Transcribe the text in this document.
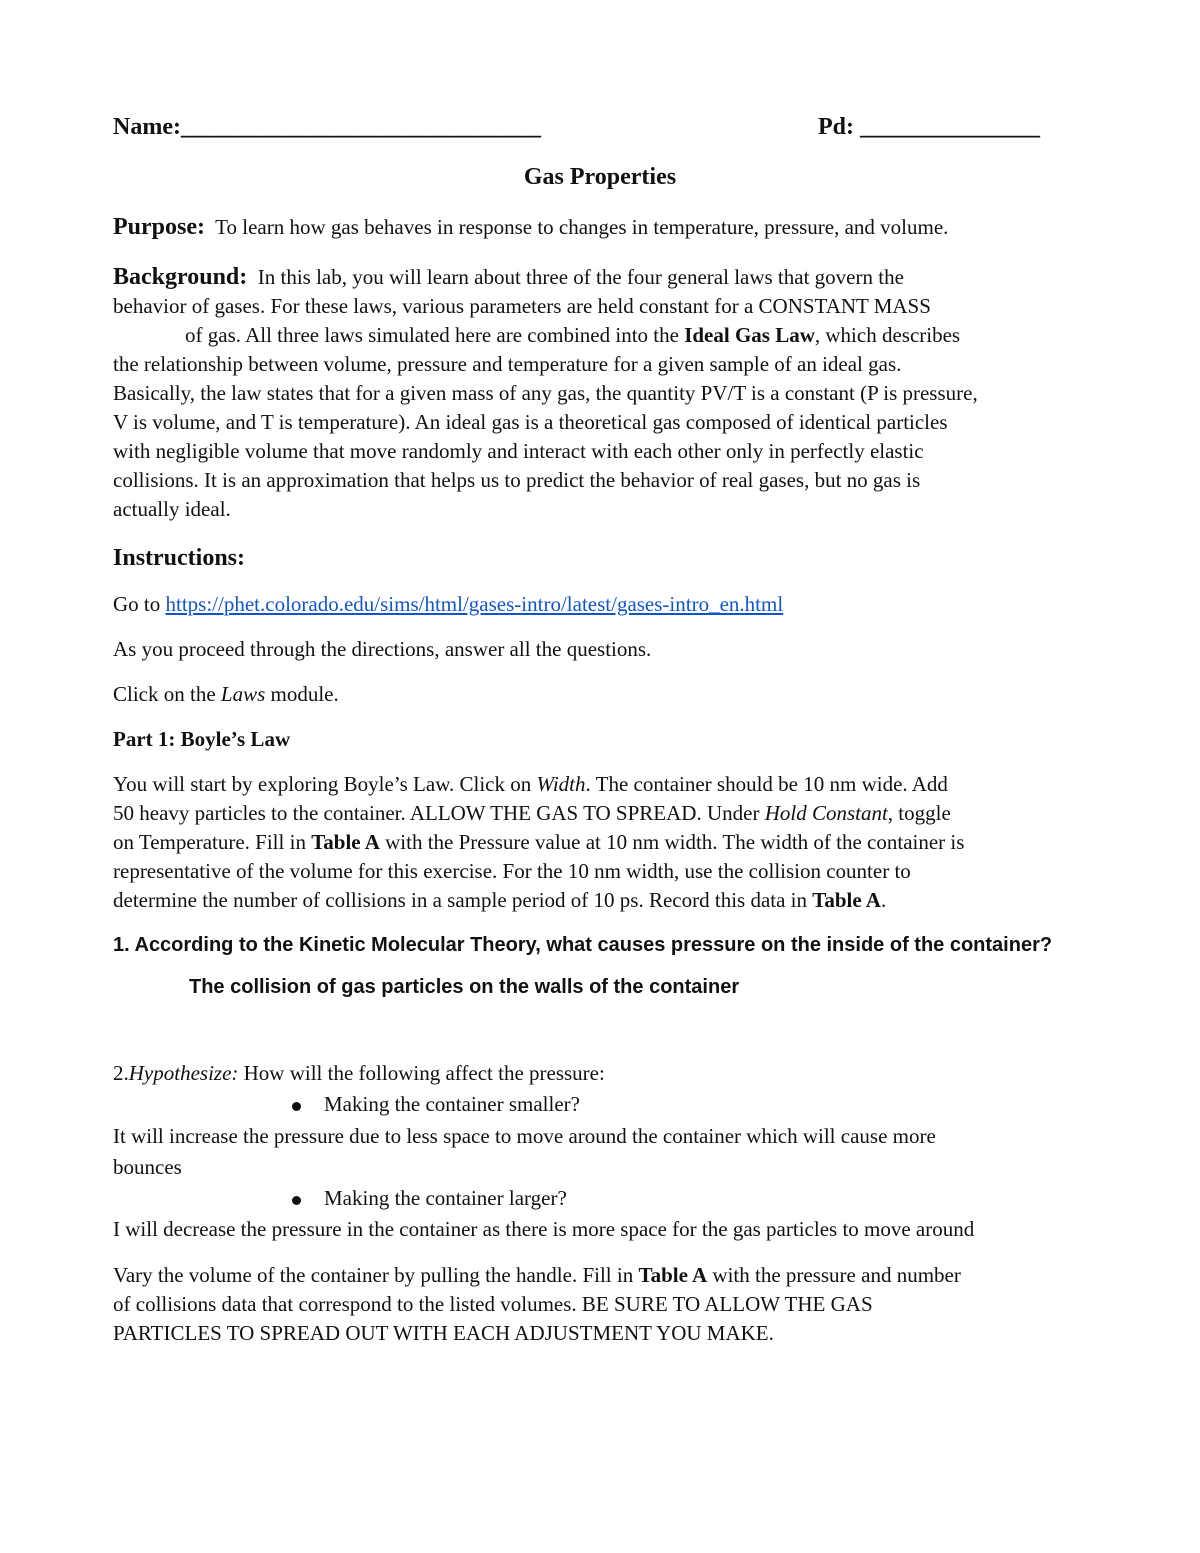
Name:______________________________	Pd: _______________

Gas Properties

Purpose: To learn how gas behaves in response to changes in temperature, pressure, and volume.

Background: In this lab, you will learn about three of the four general laws that govern the
behavior of gases. For these laws, various parameters are held constant for a CONSTANT MASS
of gas. All three laws simulated here are combined into the Ideal Gas Law, which describes
the relationship between volume, pressure and temperature for a given sample of an ideal gas.
Basically, the law states that for a given mass of any gas, the quantity PV/T is a constant (P is pressure,
V is volume, and T is temperature). An ideal gas is a theoretical gas composed of identical particles
with negligible volume that move randomly and interact with each other only in perfectly elastic
collisions. It is an approximation that helps us to predict the behavior of real gases, but no gas is
actually ideal.

Instructions:

Go to https://phet.colorado.edu/sims/html/gases-intro/latest/gases-intro_en.html

As you proceed through the directions, answer all the questions.

Click on the Laws module.

Part 1: Boyle’s Law

You will start by exploring Boyle’s Law. Click on Width. The container should be 10 nm wide. Add
50 heavy particles to the container. ALLOW THE GAS TO SPREAD. Under Hold Constant, toggle
on Temperature. Fill in Table A with the Pressure value at 10 nm width. The width of the container is
representative of the volume for this exercise. For the 10 nm width, use the collision counter to
determine the number of collisions in a sample period of 10 ps. Record this data in Table A.

1. According to the Kinetic Molecular Theory, what causes pressure on the inside of the container?

The collision of gas particles on the walls of the container

2.Hypothesize: How will the following affect the pressure:

Making the container smaller?

It will increase the pressure due to less space to move around the container which will cause more

bounces

Making the container larger?

I will decrease the pressure in the container as there is more space for the gas particles to move around

Vary the volume of the container by pulling the handle. Fill in Table A with the pressure and number
of collisions data that correspond to the listed volumes. BE SURE TO ALLOW THE GAS
PARTICLES TO SPREAD OUT WITH EACH ADJUSTMENT YOU MAKE.
